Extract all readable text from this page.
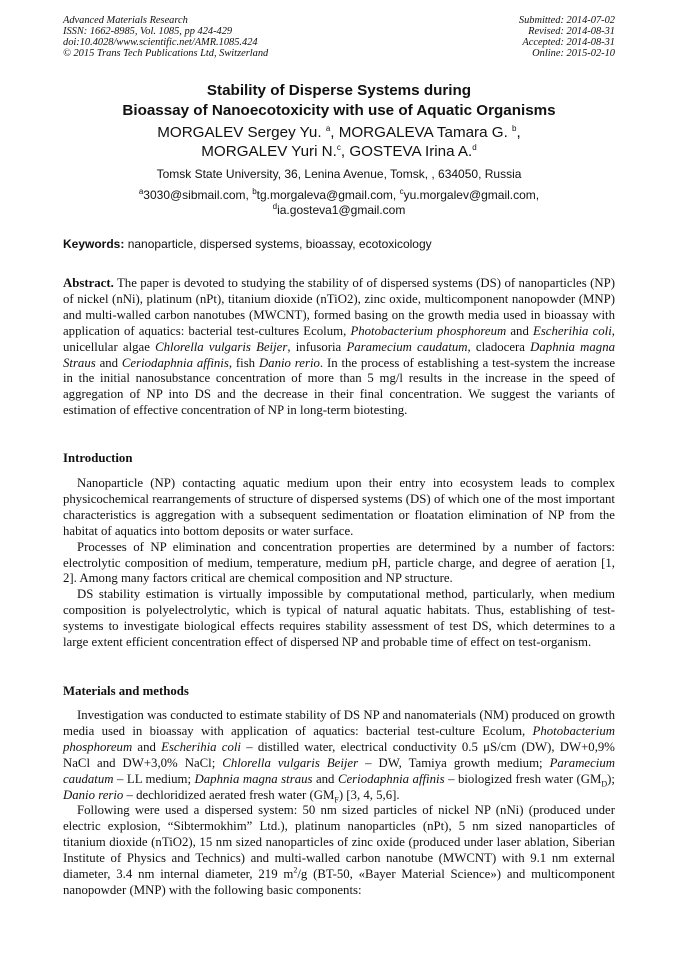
Advanced Materials Research
ISSN: 1662-8985, Vol. 1085, pp 424-429
doi:10.4028/www.scientific.net/AMR.1085.424
© 2015 Trans Tech Publications Ltd, Switzerland
Submitted: 2014-07-02
Revised: 2014-08-31
Accepted: 2014-08-31
Online: 2015-02-10
Stability of Disperse Systems during
Bioassay of Nanoecotoxicity with use of Aquatic Organisms
MORGALEV Sergey Yu. $^a$, MORGALEVA Tamara G. $^b$,
MORGALEV Yuri N.$^c$, GOSTEVA Irina A.$^d$
Tomsk State University, 36, Lenina Avenue, Tomsk, , 634050, Russia
$^a$3030@sibmail.com, $^b$tg.morgaleva@gmail.com, $^c$yu.morgalev@gmail.com,
$^d$ia.gosteva1@gmail.com
Keywords: nanoparticle, dispersed systems, bioassay, ecotoxicology

Abstract. The paper is devoted to studying the stability of of dispersed systems (DS) of nanoparticles (NP) of nickel (nNi), platinum (nPt), titanium dioxide (nTiO2), zinc oxide, multicomponent nanopowder (MNP) and multi-walled carbon nanotubes (MWCNT), formed basing on the growth media used in bioassay with application of aquatics: bacterial test-cultures Ecolum, Photobacterium phosphoreum and Escherihia coli, unicellular algae Chlorella vulgaris Beijer, infusoria Paramecium caudatum, cladocera Daphnia magna Straus and Ceriodaphnia affinis, fish Danio rerio. In the process of establishing a test-system the increase in the initial nanosubstance concentration of more than 5 mg/l results in the increase in the speed of aggregation of NP into DS and the decrease in their final concentration. We suggest the variants of estimation of effective concentration of NP in long-term biotesting.

Introduction

Nanoparticle (NP) contacting aquatic medium upon their entry into ecosystem leads to complex physicochemical rearrangements of structure of dispersed systems (DS) of which one of the most important characteristics is aggregation with a subsequent sedimentation or floatation elimination of NP from the habitat of aquatics into bottom deposits or water surface.

Processes of NP elimination and concentration properties are determined by a number of factors: electrolytic composition of medium, temperature, medium pH, particle charge, and degree of aeration [1, 2]. Among many factors critical are chemical composition and NP structure.

DS stability estimation is virtually impossible by computational method, particularly, when medium composition is polyelectrolytic, which is typical of natural aquatic habitats. Thus, establishing of test-systems to investigate biological effects requires stability assessment of test DS, which determines to a large extent efficient concentration effect of dispersed NP and probable time of effect on test-organism.

Materials and methods

Investigation was conducted to estimate stability of DS NP and nanomaterials (NM) produced on growth media used in bioassay with application of aquatics: bacterial test-culture Ecolum, Photobacterium phosphoreum and Escherihia coli – distilled water, electrical conductivity 0.5 μS/cm (DW), DW+0,9% NaCl and DW+3,0% NaCl; Chlorella vulgaris Beijer – DW, Tamiya growth medium; Paramecium caudatum – LL medium; Daphnia magna straus and Ceriodaphnia affinis – biologized fresh water $(GM_D)$; Danio rerio – dechloridized aerated fresh water $(GM_F)$ [3, 4, 5,6].

Following were used a dispersed system: 50 nm sized particles of nickel NP (nNi) (produced under electric explosion, “Sibtermokhim” Ltd.), platinum nanoparticles (nPt), 5 nm sized nanoparticles of titanium dioxide (nTiO2), 15 nm sized nanoparticles of zinc oxide (produced under laser ablation, Siberian Institute of Physics and Technics) and multi-walled carbon nanotube (MWCNT) with 9.1 nm external diameter, 3.4 nm internal diameter, 219 $m^2/g$ (BT-50, «Bayer Material Science») and multicomponent nanopowder (MNP) with the following basic components:
